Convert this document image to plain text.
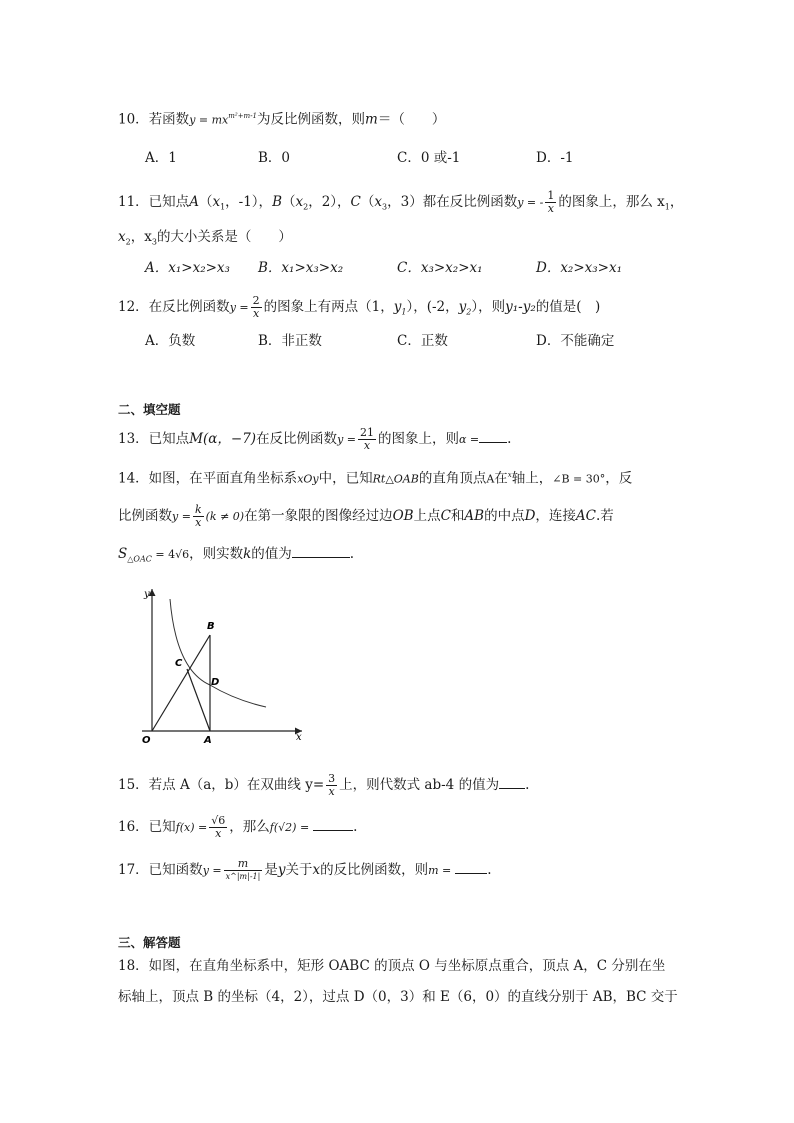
10．若函数$y = mx^{m^2+m-1}$为反比例函数，则m＝（　　）
A．1	B．0	C．0 或-1	D．-1
11．已知点$A(x_1$，-1），$B(x_2$，2），$C(x_3$，3）都在反比例函数y = - $\frac{1}{x}$ 的图象上，那么 $x_1$，
$x_2$，$x_3$的大小关系是（　　）
A．x₁>x₂>x₃ B．x₁>x₃>x₂	C．x₃>x₂>x₁	D．x₂>x₃>x₁
12．在反比例函数$y = \frac{2}{x}$ 的图象上有两点（1，$y_1$），(-2，$y_2$），则y₁-y₂的值是(　)
A．负数	B．非正数	C．正数	D．不能确定
二、填空题
13．已知点M(α，−7)在反比例函数$y = \frac{21}{x}$ 的图象上，则α = .
14．如图，在平面直角坐标系xOy中，已知Rt△OAB的直角顶点A在$^x$轴上，∠B = 30°，反
比例函数$y = \frac{k}{x} (k \ne 0)$在第一象限的图像经过边OB上点C和AB的中点D，连接AC.若
$S_{\triangle OAC} = 4√6$，则实数k的值为	.
y
B
C
D
O	A	x
15．若点 A（a，b）在双曲线 $y= \frac{3}{x}$ 上，则代数式 ab-4 的值为 .
16．已知$f(x) = \frac{√6}{x}$ ，那么f(√2) =	.
17．已知函数y =
m
x^|m|-1| 是y关于x的反比例函数，则m =	.
三、解答题
18．如图，在直角坐标系中，矩形 OABC 的顶点 O 与坐标原点重合，顶点 A，C 分别在坐
标轴上，顶点 B 的坐标（4，2），过点 D（0，3）和 E（6，0）的直线分别于 AB，BC 交于
